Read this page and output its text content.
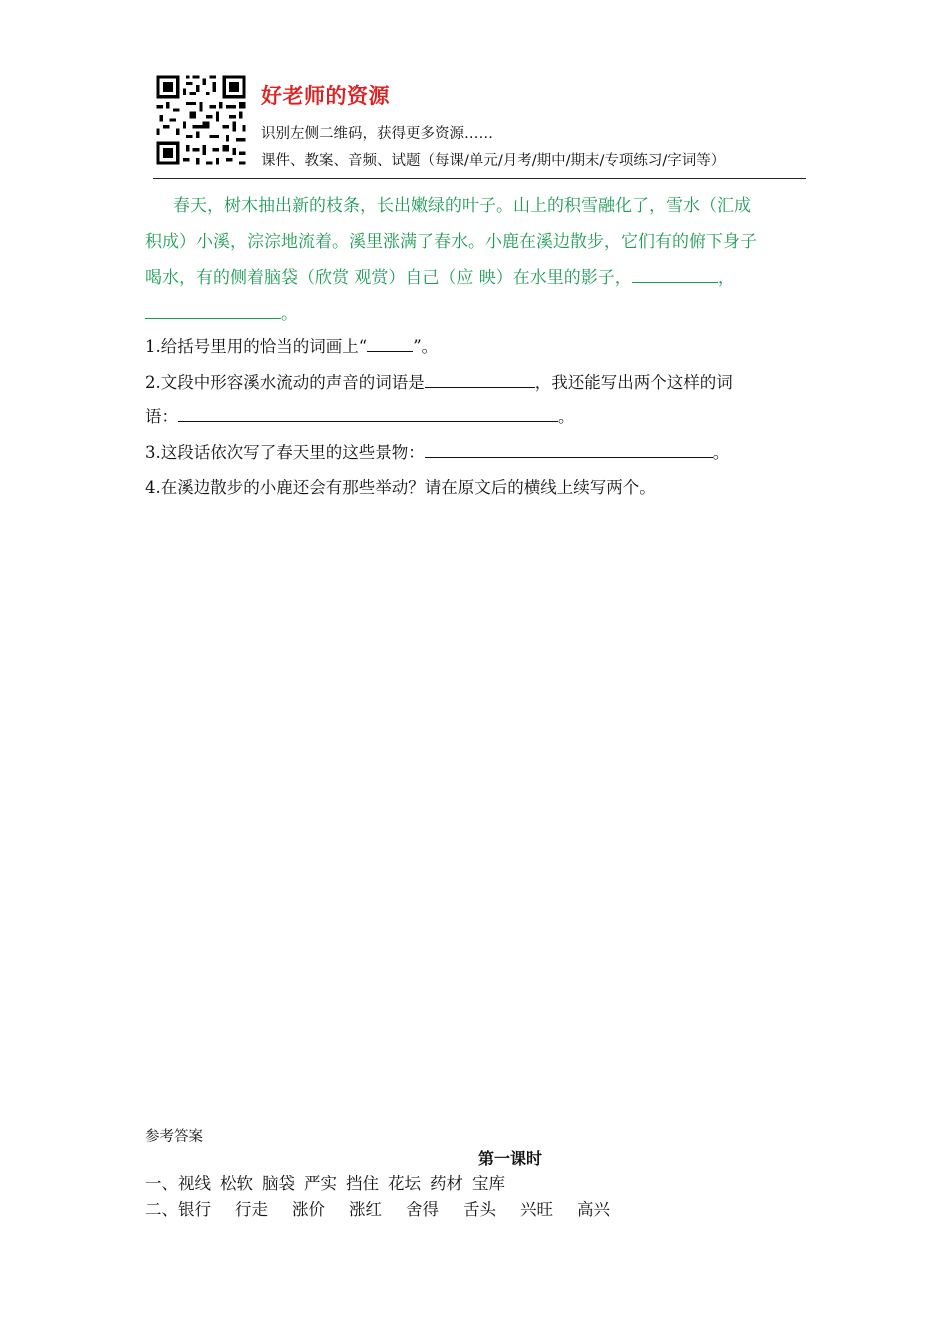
好老师的资源
识别左侧二维码，获得更多资源……
课件、教案、音频、试题（每课/单元/月考/期中/期末/专项练习/字词等）
春天，树木抽出新的枝条，长出嫩绿的叶子。山上的积雪融化了，雪水（汇成
积成）小溪，淙淙地流着。溪里涨满了春水。小鹿在溪边散步，它们有的俯下身子
喝水，有的侧着脑袋（欣赏 观赏）自己（应 映）在水里的影子，	，
。
1.给括号里用的恰当的词画上“	”。
2.文段中形容溪水流动的声音的词语是	，我还能写出两个这样的词
语：	。
3.这段话依次写了春天里的这些景物：	。
4.在溪边散步的小鹿还会有那些举动？请在原文后的横线上续写两个。
参考答案
第一课时
一、视线 松软 脑袋 严实 挡住 花坛 药材 宝库
二、银行 行走 涨价 涨红 舍得 舌头 兴旺 高兴
